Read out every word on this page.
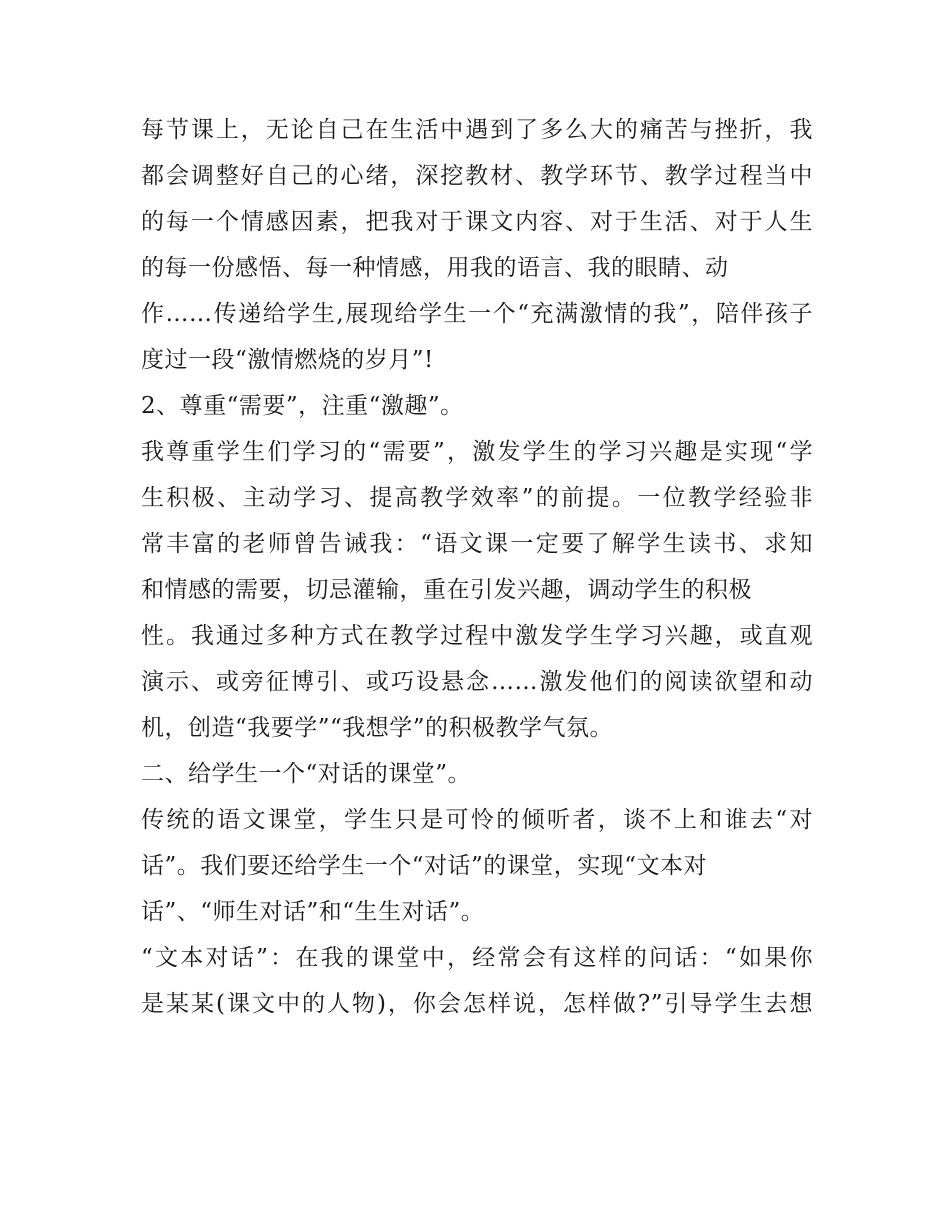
每节课上，无论自己在生活中遇到了多么大的痛苦与挫折，我
都会调整好自己的心绪，深挖教材、教学环节、教学过程当中
的每一个情感因素，把我对于课文内容、对于生活、对于人生
的每一份感悟、每一种情感，用我的语言、我的眼睛、动
作……传递给学生,展现给学生一个“充满激情的我”，陪伴孩子
度过一段“激情燃烧的岁月”!
2、尊重“需要”，注重“激趣”。
我尊重学生们学习的“需要”，激发学生的学习兴趣是实现“学
生积极、主动学习、提高教学效率”的前提。一位教学经验非
常丰富的老师曾告诫我：“语文课一定要了解学生读书、求知
和情感的需要，切忌灌输，重在引发兴趣，调动学生的积极
性。我通过多种方式在教学过程中激发学生学习兴趣，或直观
演示、或旁征博引、或巧设悬念……激发他们的阅读欲望和动
机，创造“我要学”“我想学”的积极教学气氛。
二、给学生一个“对话的课堂”。
传统的语文课堂，学生只是可怜的倾听者，谈不上和谁去“对
话”。我们要还给学生一个“对话”的课堂，实现“文本对
话”、“师生对话”和“生生对话”。
“文本对话”：在我的课堂中，经常会有这样的问话：“如果你
是某某(课文中的人物)，你会怎样说，怎样做?”引导学生去想
